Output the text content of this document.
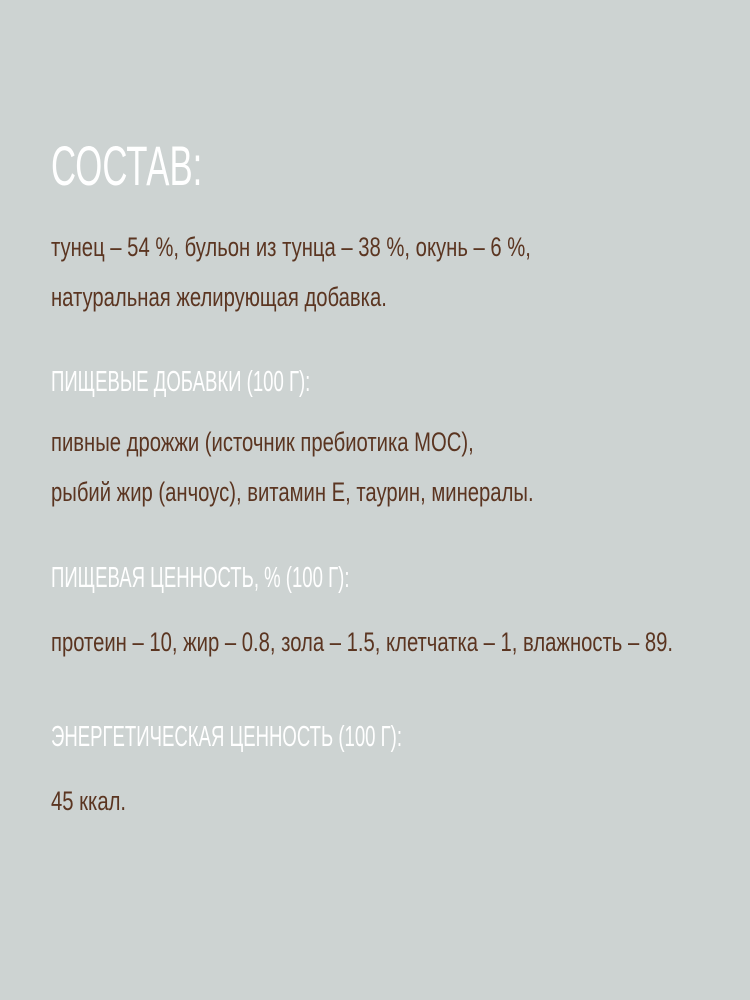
СОСТАВ:

тунец – 54 %, бульон из тунца – 38 %, окунь – 6 %,
натуральная желирующая добавка.

ПИЩЕВЫЕ ДОБАВКИ (100 Г):

пивные дрожжи (источник пребиотика МОС),
рыбий жир (анчоус), витамин Е, таурин, минералы.

ПИЩЕВАЯ ЦЕННОСТЬ, % (100 Г):

протеин – 10, жир – 0.8, зола – 1.5, клетчатка – 1, влажность – 89.

ЭНЕРГЕТИЧЕСКАЯ ЦЕННОСТЬ (100 Г):

45 ккал.
